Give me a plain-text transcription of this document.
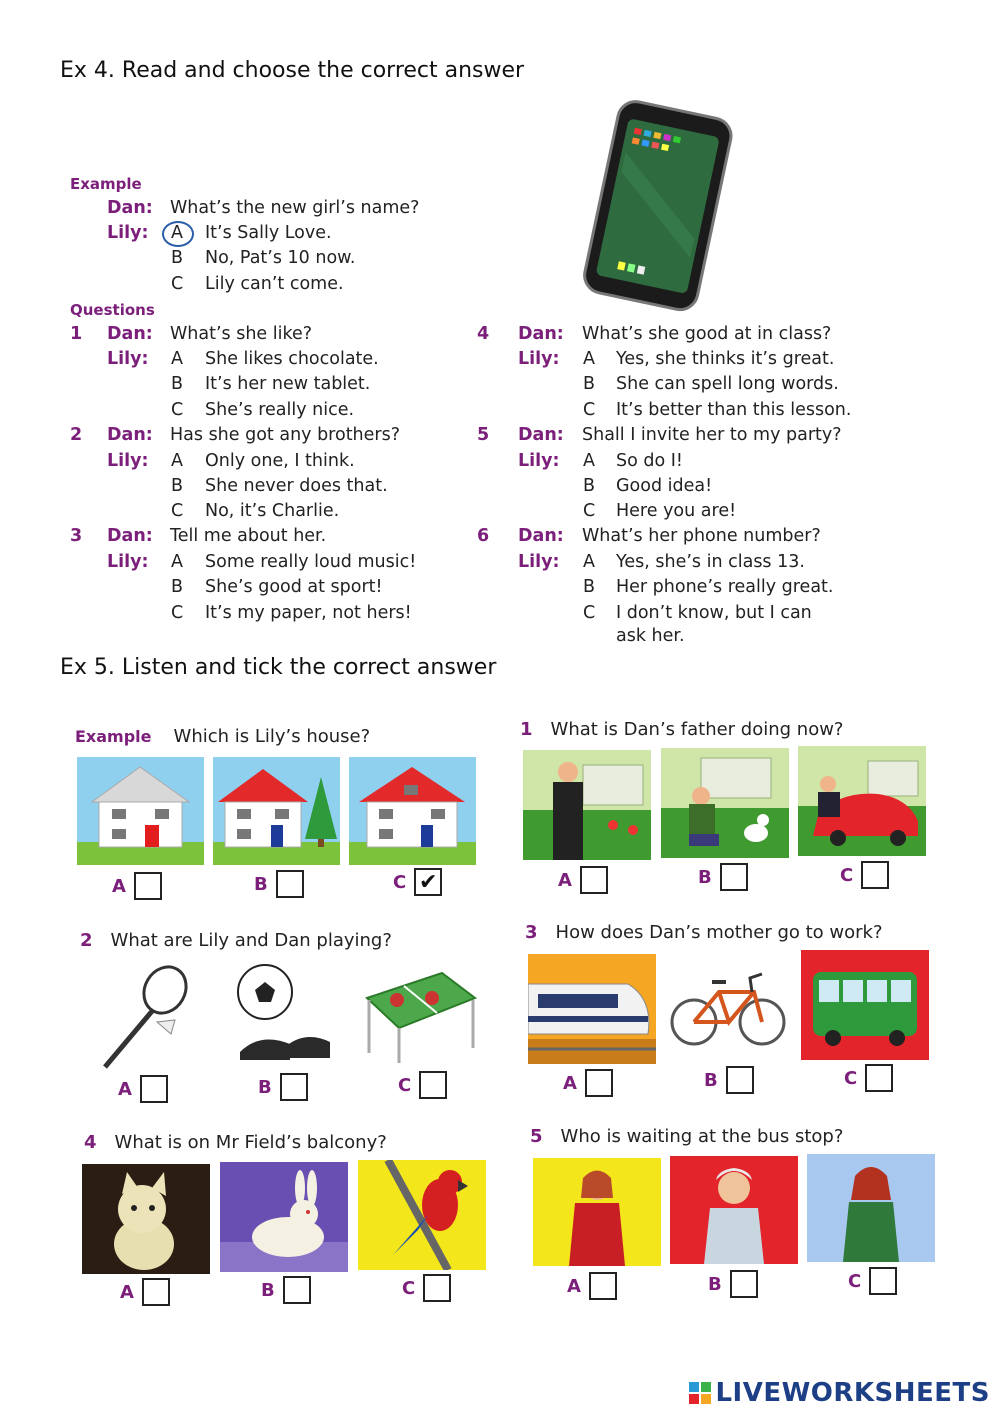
Ex 4. Read and choose the correct answer
Example
Dan: What’s the new girl’s name?
Lily: A It’s Sally Love.
B No, Pat’s 10 now.
C Lily can’t come.
Questions
1 Dan: What’s she like?
Lily: A She likes chocolate.
B It’s her new tablet.
C She’s really nice.
2 Dan: Has she got any brothers?
Lily: A Only one, I think.
B She never does that.
C No, it’s Charlie.
3 Dan: Tell me about her.
Lily: A Some really loud music!
B She’s good at sport!
C It’s my paper, not hers!
4 Dan: What’s she good at in class?
Lily: A Yes, she thinks it’s great.
B She can spell long words.
C It’s better than this lesson.
5 Dan: Shall I invite her to my party?
Lily: A So do I!
B Good idea!
C Here you are!
6 Dan: What’s her phone number?
Lily: A Yes, she’s in class 13.
B Her phone’s really great.
C I don’t know, but I can
ask her.
Ex 5. Listen and tick the correct answer
Example Which is Lily’s house?
A	B	C ✔
1 What is Dan’s father doing now?
A	B	C
2 What are Lily and Dan playing?
A	B	C
3 How does Dan’s mother go to work?
A	B	C
4 What is on Mr Field’s balcony?
A	B	C
5 Who is waiting at the bus stop?
A	B	C
LIVEWORKSHEETS
